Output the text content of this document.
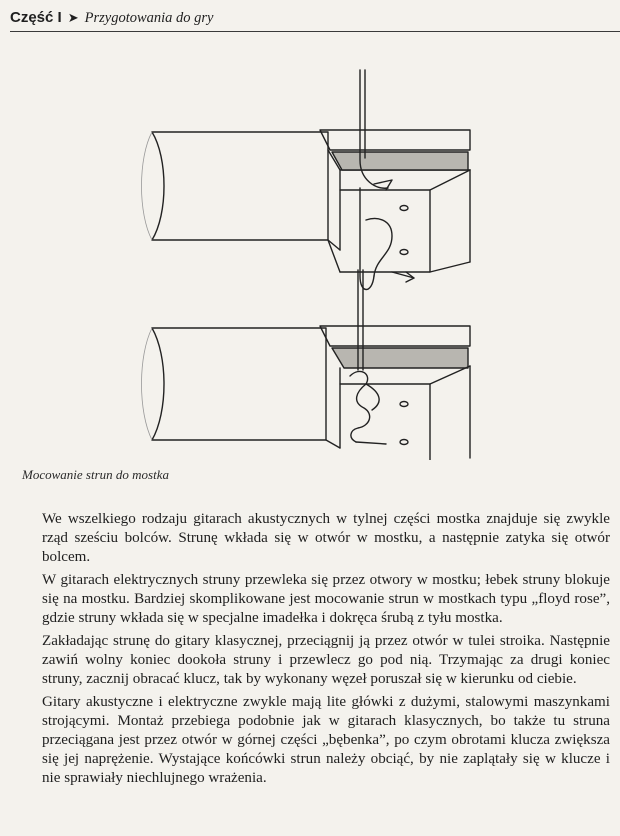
Część I ➤ Przygotowania do gry
Mocowanie strun do mostka

We wszelkiego rodzaju gitarach akustycznych w tylnej części mostka znajduje się zwykle rząd sześciu bolców. Strunę wkłada się w otwór w mostku, a następnie zatyka się otwór bolcem.

W gitarach elektrycznych struny przewleka się przez otwory w mostku; łebek struny blokuje się na mostku. Bardziej skomplikowane jest mocowanie strun w mostkach typu „floyd rose”, gdzie struny wkłada się w specjalne imadełka i dokręca śrubą z tyłu mostka.

Zakładając strunę do gitary klasycznej, przeciągnij ją przez otwór w tulei stroika. Następnie zawiń wolny koniec dookoła struny i przewlecz go pod nią. Trzymając za drugi koniec struny, zacznij obracać klucz, tak by wykonany węzeł poruszał się w kierunku od ciebie.

Gitary akustyczne i elektryczne zwykle mają lite główki z dużymi, stalowymi maszynkami strojącymi. Montaż przebiega podobnie jak w gitarach klasycznych, bo także tu struna przeciągana jest przez otwór w górnej części „bębenka”, po czym obrotami klucza zwiększa się jej naprężenie. Wystające końcówki strun należy obciąć, by nie zaplątały się w klucze i nie sprawiały niechlujnego wrażenia.
